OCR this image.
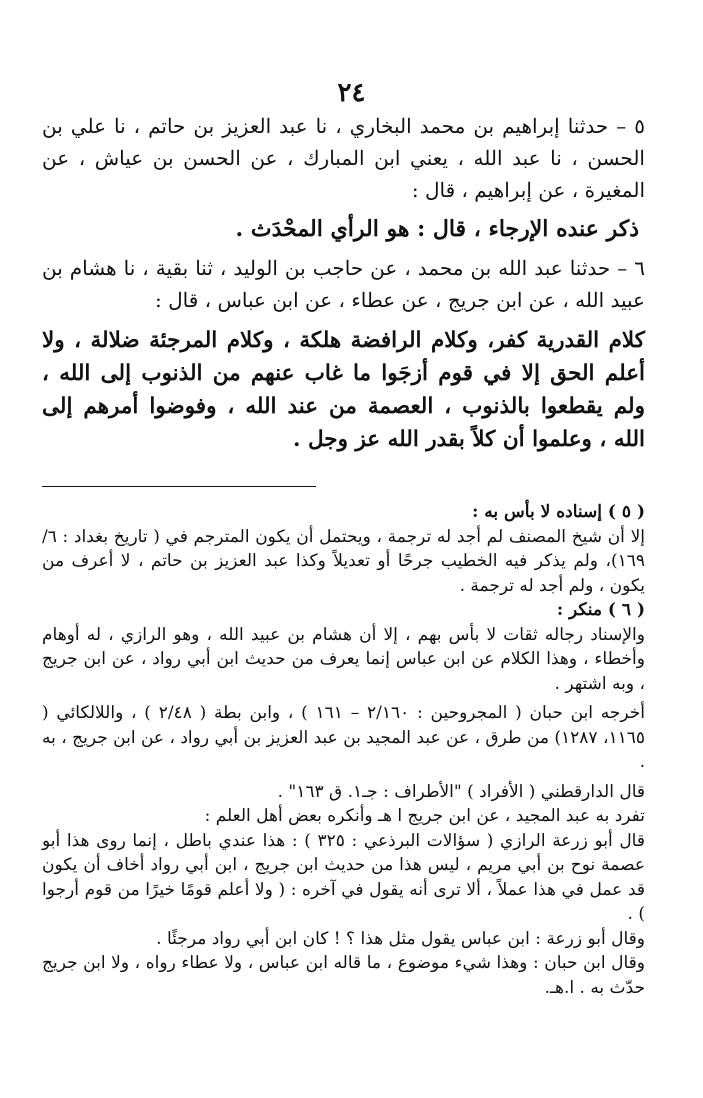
٢٤

٥ – حدثنا إبراهيم بن محمد البخاري ، نا عبد العزيز بن حاتم ، نا علي بن الحسن ، نا عبد الله ، يعني ابن المبارك ، عن الحسن بن عياش ، عن المغيرة ، عن إبراهيم ، قال :

ذكر عنده الإرجاء ، قال : هو الرأي المحْدَث .

٦ – حدثنا عبد الله بن محمد ، عن حاجب بن الوليد ، ثنا بقية ، نا هشام بن عبيد الله ، عن ابن جريج ، عن عطاء ، عن ابن عباس ، قال :

كلام القدرية كفر، وكلام الرافضة هلكة ، وكلام المرجئة ضلالة ، ولا أعلم الحق إلا في قوم أزجَوا ما غاب عنهم من الذنوب إلى الله ، ولم يقطعوا بالذنوب ، العصمة من عند الله ، وفوضوا أمرهم إلى الله ، وعلموا أن كلاً بقدر الله عز وجل .

( ٥ ) إسناده لا بأس به :

إلا أن شيخ المصنف لم أجد له ترجمة ، ويحتمل أن يكون المترجم في ( تاريخ بغداد : ٦/ ١٦٩)، ولم يذكر فيه الخطيب جرحًا أو تعديلاً وكذا عبد العزيز بن حاتم ، لا أعرف من يكون ، ولم أجد له ترجمة .

( ٦ ) منكر :

والإسناد رجاله ثقات لا بأس بهم ، إلا أن هشام بن عبيد الله ، وهو الرازي ، له أوهام وأخطاء ، وهذا الكلام عن ابن عباس إنما يعرف من حديث ابن أبي رواد ، عن ابن جريج ، وبه اشتهر .

أخرجه ابن حبان ( المجروحين : ٢/١٦٠ – ١٦١ ) ، وابن بطة ( ٢/٤٨ ) ، واللالكائي ( ١١٦٥، ١٢٨٧) من طرق ، عن عبد المجيد بن عبد العزيز بن أبي رواد ، عن ابن جريج ، به .

قال الدارقطني ( الأفراد ) "الأطراف : جـ١. ق ١٦٣" .

تفرد به عبد المجيد ، عن ابن جريج ا هـ وأنكره بعض أهل العلم :

قال أبو زرعة الرازي ( سؤالات البرذعي : ٣٢٥ ) : هذا عندي باطل ، إنما روى هذا أبو عصمة نوح بن أبي مريم ، ليس هذا من حديث ابن جريج ، ابن أبي رواد أخاف أن يكون قد عمل في هذا عملاً ، ألا ترى أنه يقول في آخره : ( ولا أعلم قومًا خيرًا من قوم أرجوا ) .

وقال أبو زرعة : ابن عباس يقول مثل هذا ؟ ! كان ابن أبي رواد مرجئًا .

وقال ابن حبان : وهذا شيء موضوع ، ما قاله ابن عباس ، ولا عطاء رواه ، ولا ابن جريج حدّث به . ا.هـ.
